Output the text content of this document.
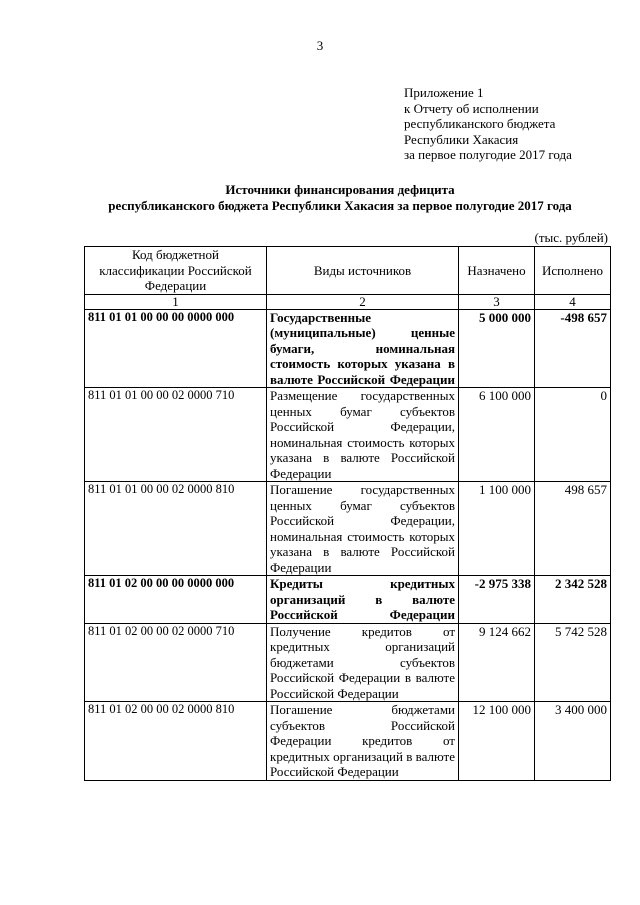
3
Приложение 1
к Отчету об исполнении
республиканского бюджета
Республики Хакасия
за первое полугодие 2017 года
Источники финансирования дефицита
республиканского бюджета Республики Хакасия за первое полугодие 2017 года
(тыс. рублей)
Код бюджетной классификации Российской Федерации	Виды источников	Назначено	Исполнено
1	2	3	4
811 01 01 00 00 00 0000 000	Государственные (муниципальные) ценные бумаги, номинальная стоимость которых указана в валюте Российской Федерации	5 000 000	-498 657
811 01 01 00 00 02 0000 710	Размещение государственных ценных бумаг субъектов Российской Федерации, номинальная стоимость которых указана в валюте Российской Федерации	6 100 000	0
811 01 01 00 00 02 0000 810	Погашение государственных ценных бумаг субъектов Российской Федерации, номинальная стоимость которых указана в валюте Российской Федерации	1 100 000	498 657
811 01 02 00 00 00 0000 000	Кредиты кредитных организаций в валюте Российской Федерации	-2 975 338	2 342 528
811 01 02 00 00 02 0000 710	Получение кредитов от кредитных организаций бюджетами субъектов Российской Федерации в валюте Российской Федерации	9 124 662	5 742 528
811 01 02 00 00 02 0000 810	Погашение бюджетами субъектов Российской Федерации кредитов от кредитных организаций в валюте Российской Федерации	12 100 000	3 400 000
